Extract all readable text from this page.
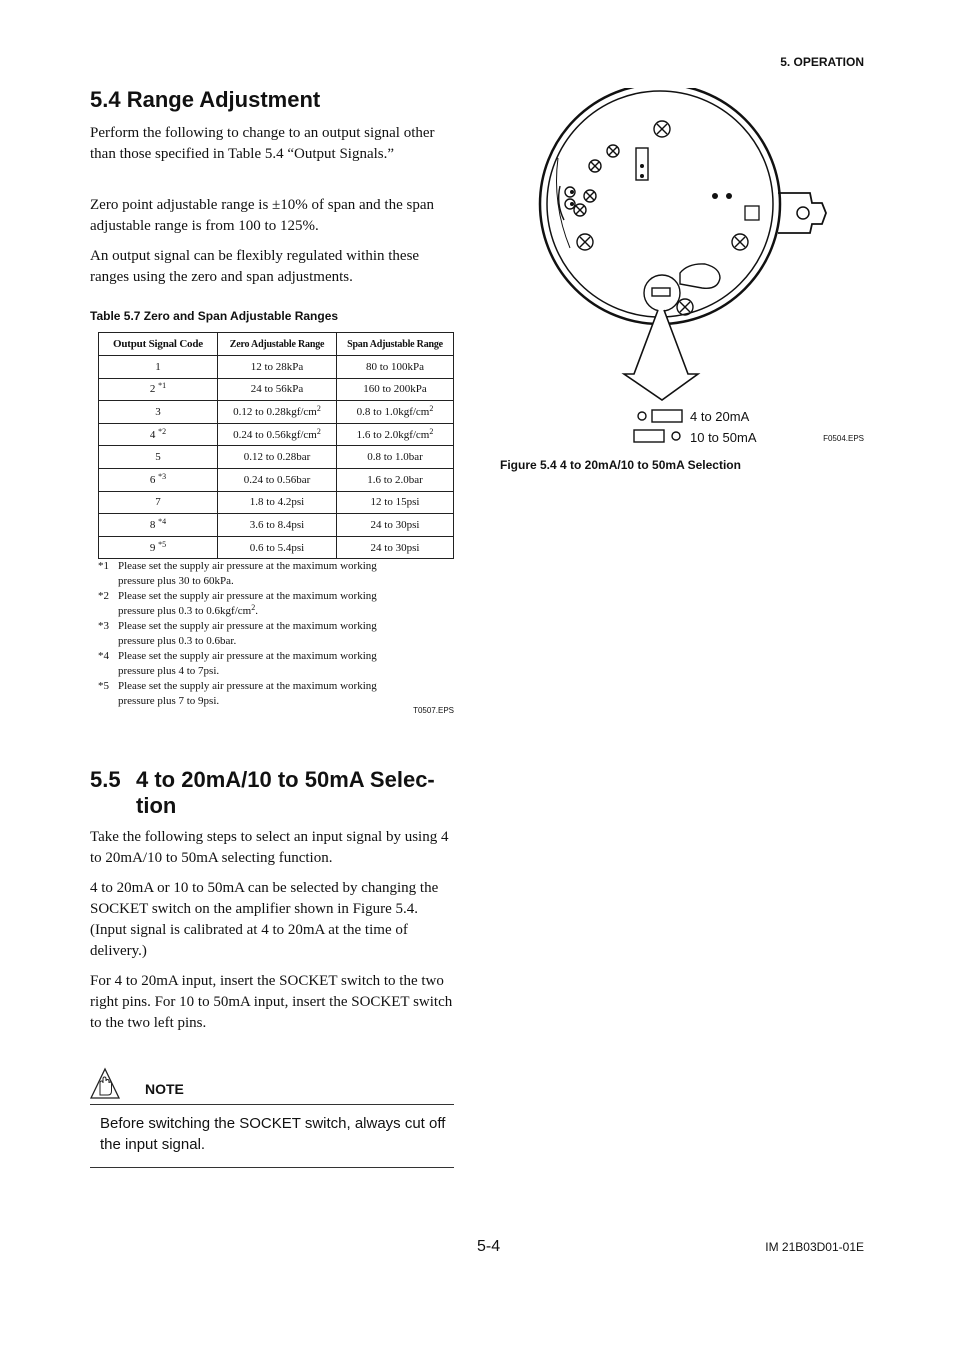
5. OPERATION
5.4 Range Adjustment

Perform the following to change to an output signal other than those specified in Table 5.4 “Output Signals.”

Zero point adjustable range is ±10% of span and the span adjustable range is from 100 to 125%.

An output signal can be flexibly regulated within these ranges using the zero and span adjustments.

Table 5.7 Zero and Span Adjustable Ranges
Output Signal Code	Zero Adjustable Range	Span Adjustable Range
1	12 to 28kPa	80 to 100kPa
2 $^{*1}$	24 to 56kPa	160 to 200kPa
3	0.12 to $0.28kgf/cm^2$	0.8 to $1.0kgf/cm^2$
4 $^{*2}$	0.24 to $0.56kgf/cm^2$	1.6 to $2.0kgf/cm^2$
5	0.12 to 0.28bar	0.8 to 1.0bar
6 $^{*3}$	0.24 to 0.56bar	1.6 to 2.0bar
7	1.8 to 4.2psi	12 to 15psi
8 $^{*4}$	3.6 to 8.4psi	24 to 30psi
9 $^{*5}$	0.6 to 5.4psi	24 to 30psi
*1 Please set the supply air pressure at the maximum working
pressure plus 30 to 60kPa.
*2 Please set the supply air pressure at the maximum working
pressure plus 0.3 to $0.6kgf/cm^2$.
*3 Please set the supply air pressure at the maximum working
pressure plus 0.3 to 0.6bar.
*4 Please set the supply air pressure at the maximum working
pressure plus 4 to 7psi.
*5 Please set the supply air pressure at the maximum working
pressure plus 7 to 9psi.
T0507.EPS
5.5 4 to 20mA/10 to 50mA Selec-
tion

Take the following steps to select an input signal by using 4 to 20mA/10 to 50mA selecting function.

4 to 20mA or 10 to 50mA can be selected by changing the SOCKET switch on the amplifier shown in Figure 5.4. (Input signal is calibrated at 4 to 20mA at the time of delivery.)

For 4 to 20mA input, insert the SOCKET switch to the two right pins. For 10 to 50mA input, insert the SOCKET switch to the two left pins.

NOTE
Before switching the SOCKET switch, always cut off the input signal.
4 to 20mA
10 to 50mA	F0504.EPS
Figure 5.4 4 to 20mA/10 to 50mA Selection
5-4	IM 21B03D01-01E
